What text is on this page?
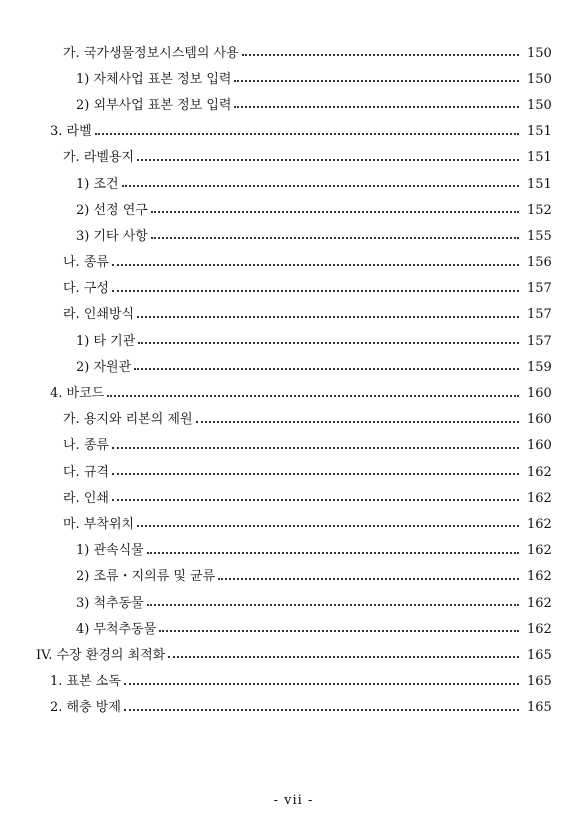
가. 국가생물정보시스템의 사용	150
1) 자체사업 표본 정보 입력	150
2) 외부사업 표본 정보 입력	150
3. 라벨	151
가. 라벨용지	151
1) 조건	151
2) 선정 연구	152
3) 기타 사항	155
나. 종류	156
다. 구성	157
라. 인쇄방식	157
1) 타 기관	157
2) 자원관	159
4. 바코드	160
가. 용지와 리본의 제원	160
나. 종류	160
다. 규격	162
라. 인쇄	162
마. 부착위치	162
1) 관속식물	162
2) 조류・지의류 및 균류	162
3) 척추동물	162
4) 무척추동물	162
IV. 수장 환경의 최적화	165
1. 표본 소독	165
2. 해충 방제	165
- vii -
